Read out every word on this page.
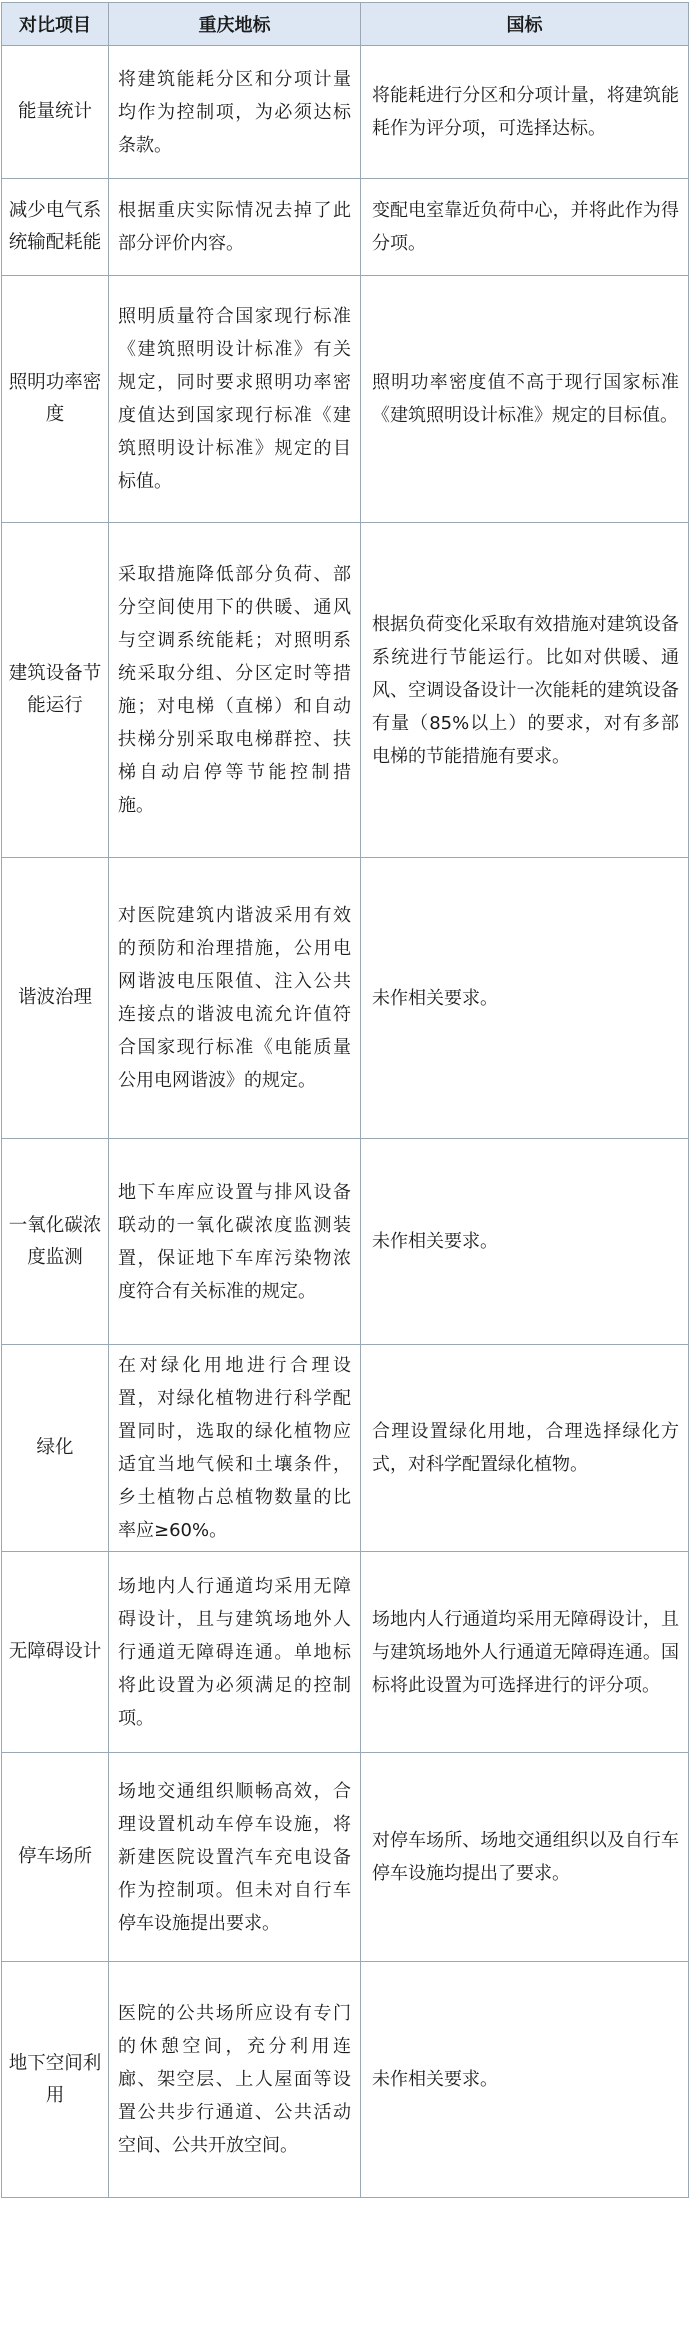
对比项目	重庆地标	国标
能量统计	将建筑能耗分区和分项计量均作为控制项，为必须达标条款。	将能耗进行分区和分项计量，将建筑能耗作为评分项，可选择达标。
减少电气系统输配耗能	根据重庆实际情况去掉了此部分评价内容。	变配电室靠近负荷中心，并将此作为得分项。
照明功率密度	照明质量符合国家现行标准《建筑照明设计标准》有关规定，同时要求照明功率密度值达到国家现行标准《建筑照明设计标准》规定的目标值。	照明功率密度值不高于现行国家标准《建筑照明设计标准》规定的目标值。
建筑设备节能运行	采取措施降低部分负荷、部分空间使用下的供暖、通风与空调系统能耗；对照明系统采取分组、分区定时等措施；对电梯（直梯）和自动扶梯分别采取电梯群控、扶梯自动启停等节能控制措施。	根据负荷变化采取有效措施对建筑设备系统进行节能运行。比如对供暖、通风、空调设备设计一次能耗的建筑设备有量（85%以上）的要求，对有多部电梯的节能措施有要求。
谐波治理	对医院建筑内谐波采用有效的预防和治理措施，公用电网谐波电压限值、注入公共连接点的谐波电流允许值符合国家现行标准《电能质量公用电网谐波》的规定。	未作相关要求。
一氧化碳浓度监测	地下车库应设置与排风设备联动的一氧化碳浓度监测装置，保证地下车库污染物浓度符合有关标准的规定。	未作相关要求。
绿化	在对绿化用地进行合理设置，对绿化植物进行科学配置同时，选取的绿化植物应适宜当地气候和土壤条件，乡土植物占总植物数量的比率应≥60%。	合理设置绿化用地，合理选择绿化方式，对科学配置绿化植物。
无障碍设计	场地内人行通道均采用无障碍设计，且与建筑场地外人行通道无障碍连通。单地标将此设置为必须满足的控制项。	场地内人行通道均采用无障碍设计，且与建筑场地外人行通道无障碍连通。国标将此设置为可选择进行的评分项。
停车场所	场地交通组织顺畅高效，合理设置机动车停车设施，将新建医院设置汽车充电设备作为控制项。但未对自行车停车设施提出要求。	对停车场所、场地交通组织以及自行车停车设施均提出了要求。
地下空间利用	医院的公共场所应设有专门的休憩空间，充分利用连廊、架空层、上人屋面等设置公共步行通道、公共活动空间、公共开放空间。	未作相关要求。
